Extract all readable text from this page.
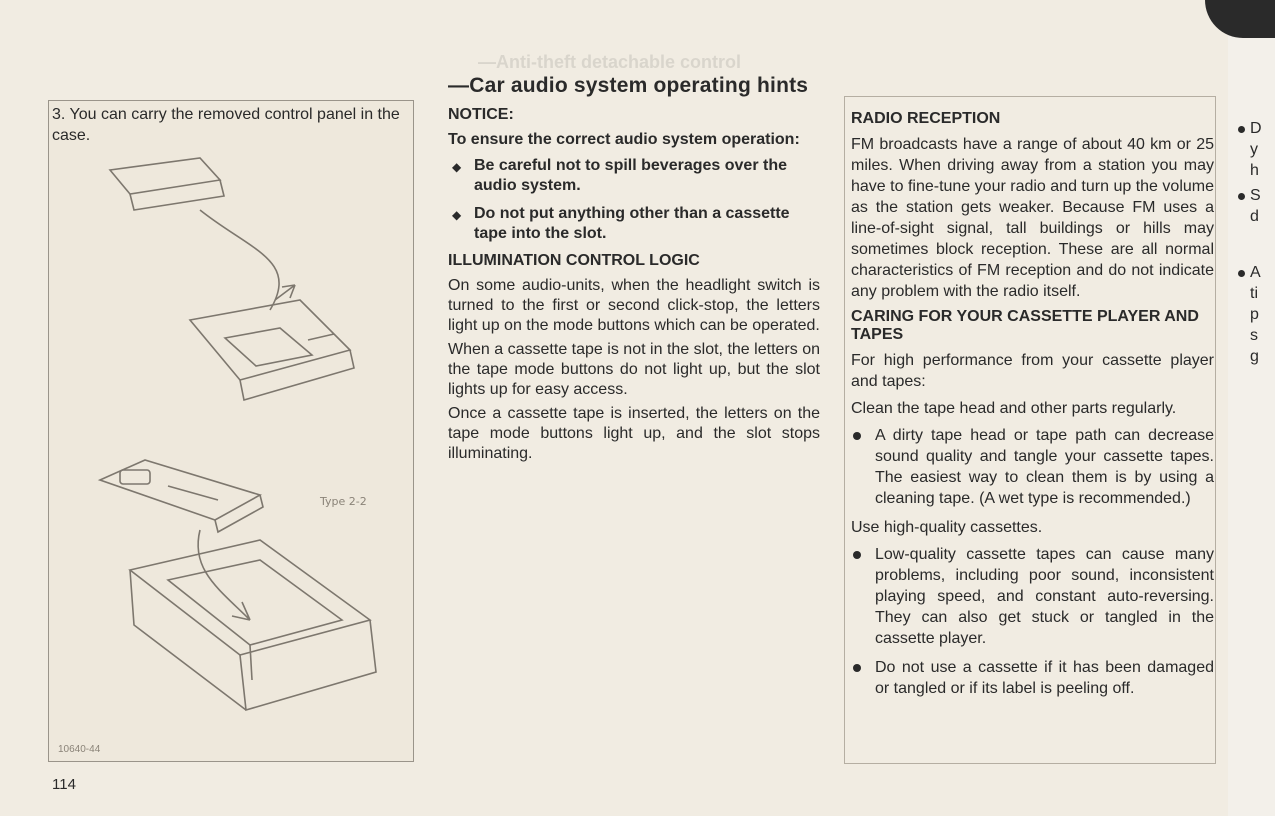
—Anti-theft detachable control

3. You can carry the removed control panel in the case.

Type 2-2
10640-44
114
—Car audio system operating hints
NOTICE:

To ensure the correct audio system operation:

◆ Be careful not to spill beverages over the audio system.
◆ Do not put anything other than a cassette tape into the slot.
ILLUMINATION CONTROL LOGIC

On some audio-units, when the headlight switch is turned to the first or second click-stop, the letters light up on the mode buttons which can be operated.

When a cassette tape is not in the slot, the letters on the tape mode buttons do not light up, but the slot lights up for easy access.

Once a cassette tape is inserted, the letters on the tape mode buttons light up, and the slot stops illuminating.

RADIO RECEPTION

FM broadcasts have a range of about 40 km or 25 miles. When driving away from a station you may have to fine-tune your radio and turn up the volume as the station gets weaker. Because FM uses a line-of-sight signal, tall buildings or hills may sometimes block reception. These are all normal characteristics of FM reception and do not indicate any problem with the radio itself.

CARING FOR YOUR CASSETTE PLAYER AND TAPES

For high performance from your cassette player and tapes:

Clean the tape head and other parts regularly.

A dirty tape head or tape path can decrease sound quality and tangle your cassette tapes. The easiest way to clean them is by using a cleaning tape. (A wet type is recommended.)

Use high-quality cassettes.

Low-quality cassette tapes can cause many problems, including poor sound, inconsistent playing speed, and constant auto-reversing. They can also get stuck or tangled in the cassette player.
Do not use a cassette if it has been damaged or tangled or if its label is peeling off.
D
y
h
S
d
A
ti
p
s
g
